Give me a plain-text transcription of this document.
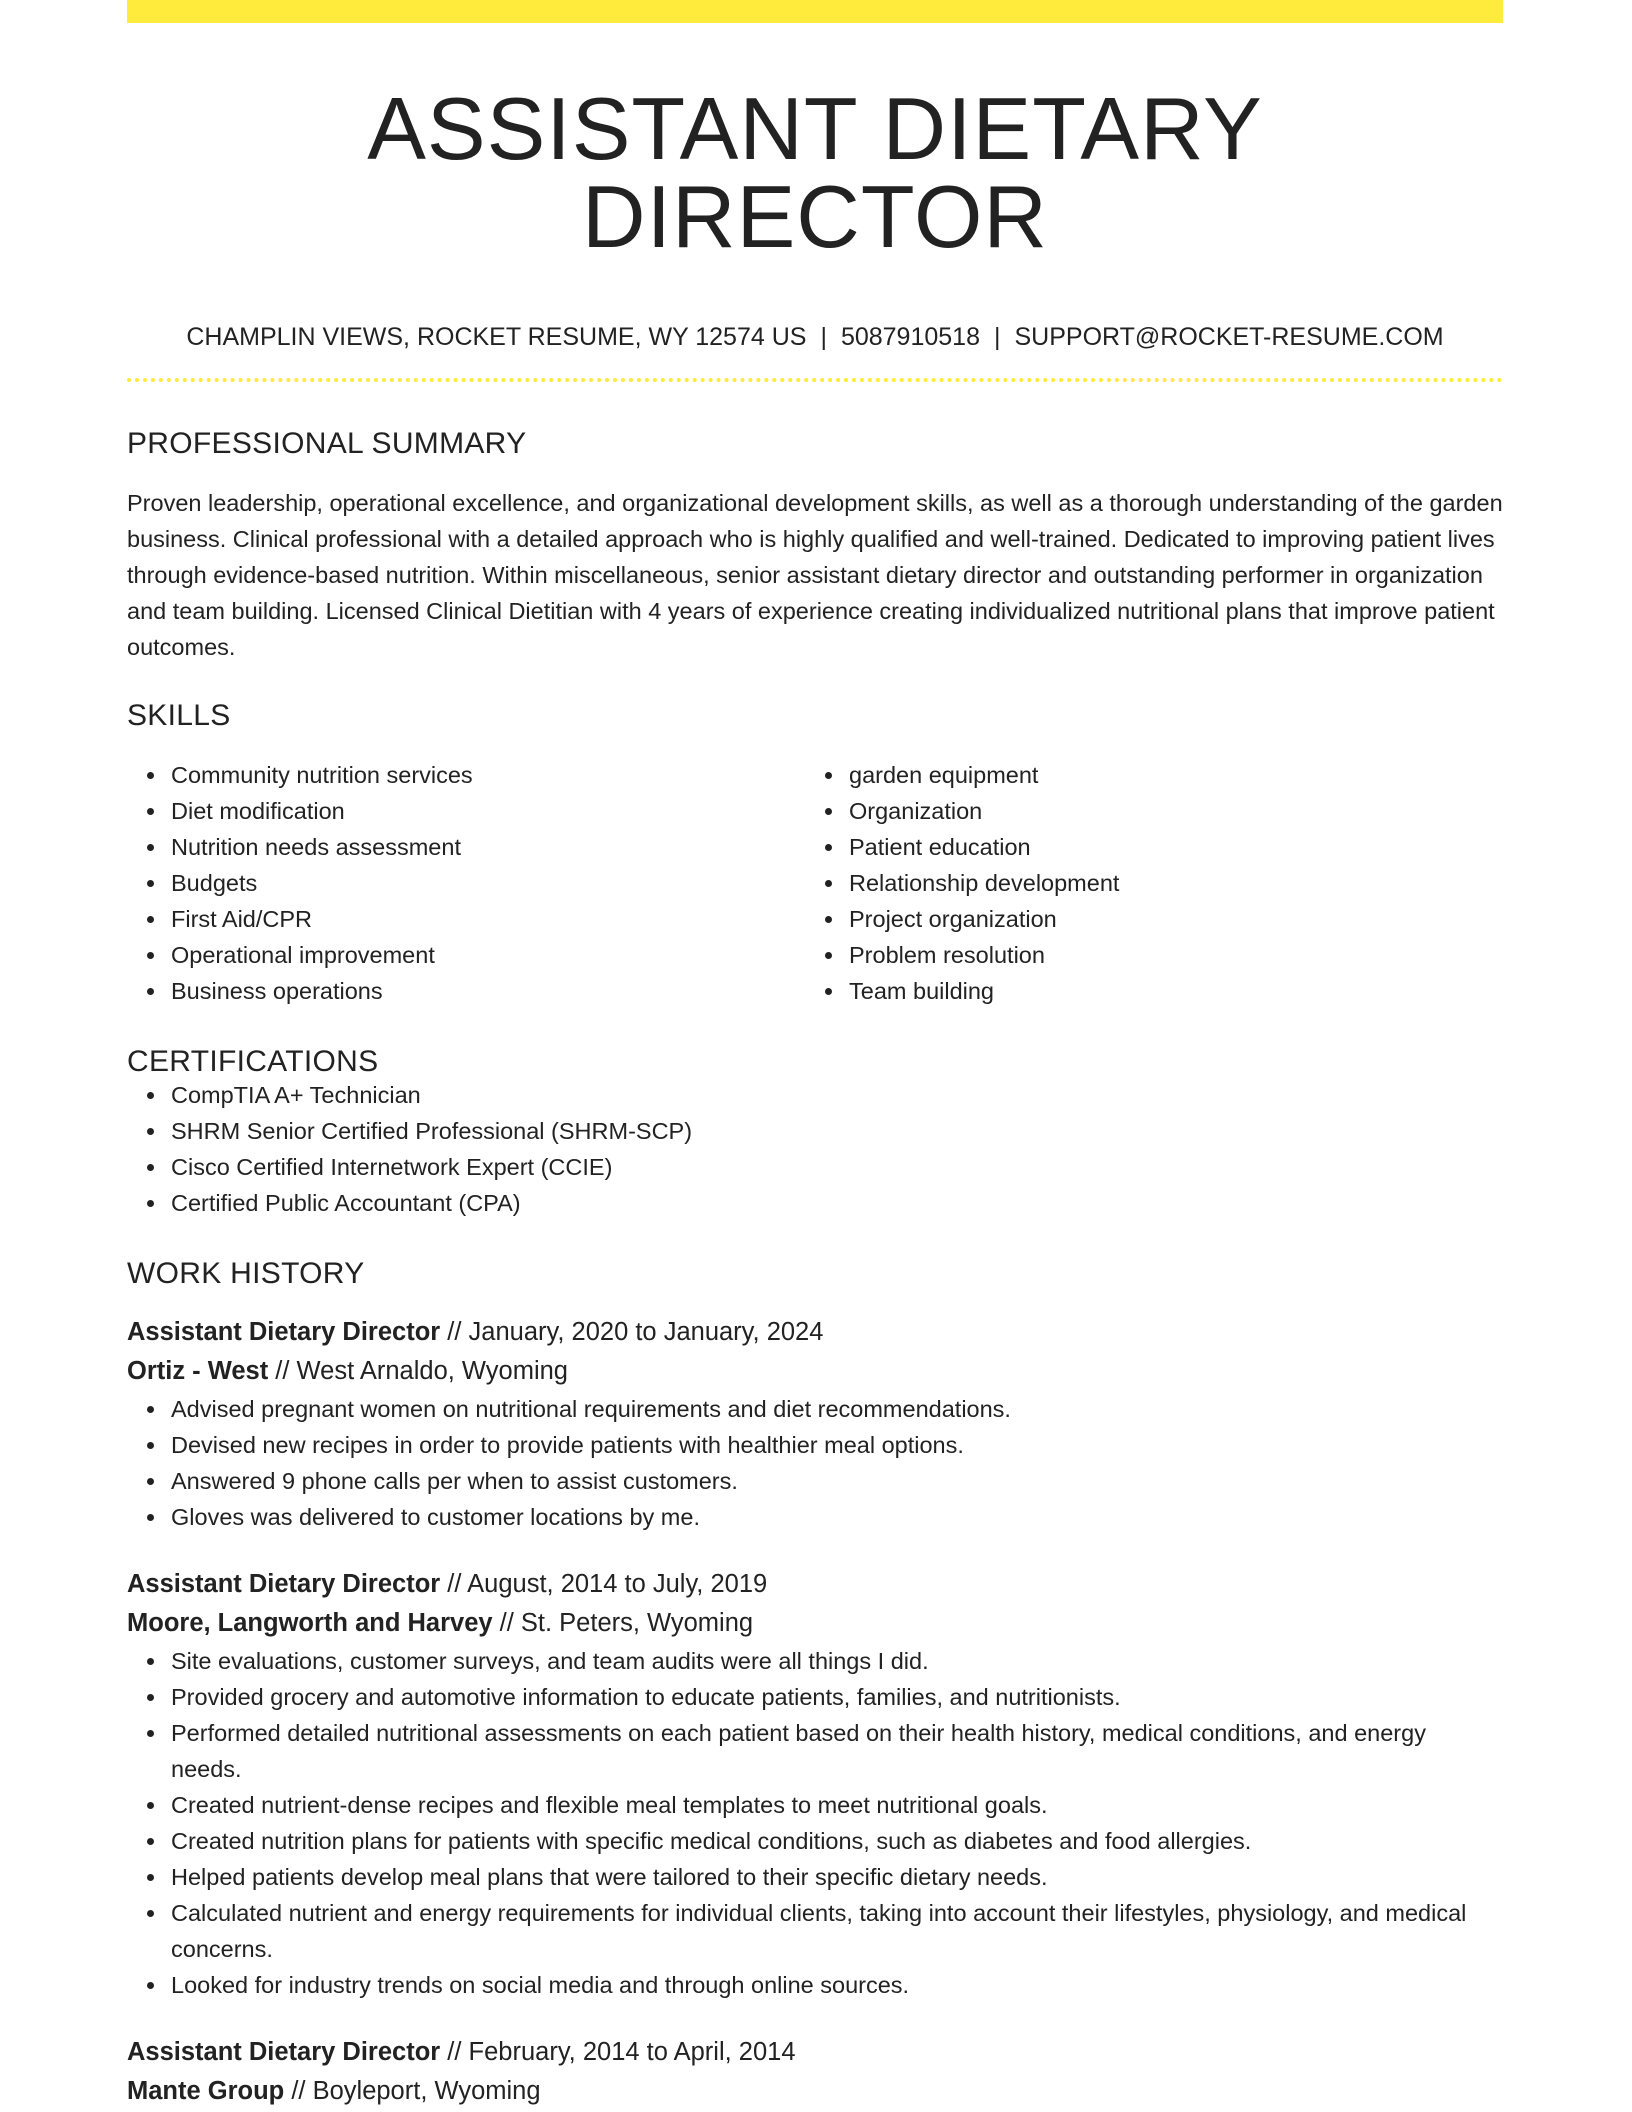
ASSISTANT DIETARY DIRECTOR
CHAMPLIN VIEWS, ROCKET RESUME, WY 12574 US | 5087910518 | SUPPORT@ROCKET-RESUME.COM
PROFESSIONAL SUMMARY
Proven leadership, operational excellence, and organizational development skills, as well as a thorough understanding of the garden business. Clinical professional with a detailed approach who is highly qualified and well-trained. Dedicated to improving patient lives through evidence-based nutrition. Within miscellaneous, senior assistant dietary director and outstanding performer in organization and team building. Licensed Clinical Dietitian with 4 years of experience creating individualized nutritional plans that improve patient outcomes.
SKILLS
Community nutrition services
Diet modification
Nutrition needs assessment
Budgets
First Aid/CPR
Operational improvement
Business operations
garden equipment
Organization
Patient education
Relationship development
Project organization
Problem resolution
Team building
CERTIFICATIONS
CompTIA A+ Technician
SHRM Senior Certified Professional (SHRM-SCP)
Cisco Certified Internetwork Expert (CCIE)
Certified Public Accountant (CPA)
WORK HISTORY
Assistant Dietary Director // January, 2020 to January, 2024
Ortiz - West // West Arnaldo, Wyoming
Advised pregnant women on nutritional requirements and diet recommendations.
Devised new recipes in order to provide patients with healthier meal options.
Answered 9 phone calls per when to assist customers.
Gloves was delivered to customer locations by me.
Assistant Dietary Director // August, 2014 to July, 2019
Moore, Langworth and Harvey // St. Peters, Wyoming
Site evaluations, customer surveys, and team audits were all things I did.
Provided grocery and automotive information to educate patients, families, and nutritionists.
Performed detailed nutritional assessments on each patient based on their health history, medical conditions, and energy needs.
Created nutrient-dense recipes and flexible meal templates to meet nutritional goals.
Created nutrition plans for patients with specific medical conditions, such as diabetes and food allergies.
Helped patients develop meal plans that were tailored to their specific dietary needs.
Calculated nutrient and energy requirements for individual clients, taking into account their lifestyles, physiology, and medical concerns.
Looked for industry trends on social media and through online sources.
Assistant Dietary Director // February, 2014 to April, 2014
Mante Group // Boyleport, Wyoming
